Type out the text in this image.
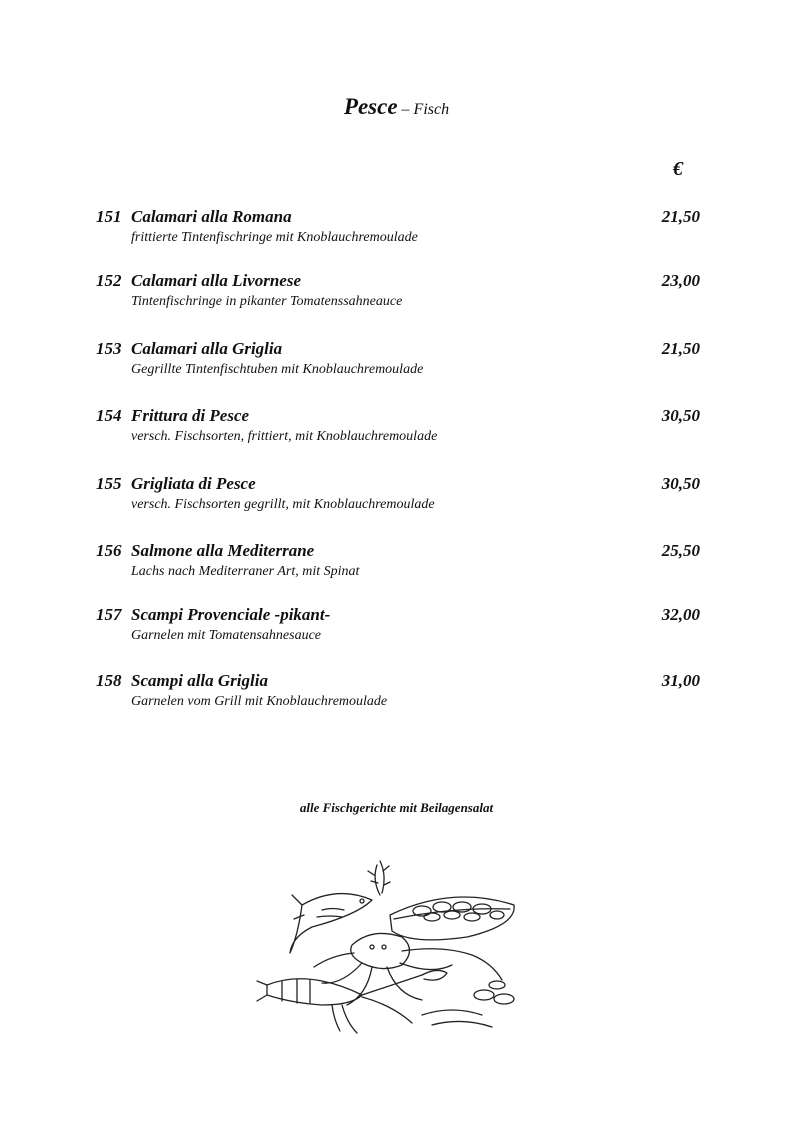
Pesce – Fisch
€
151 Calamari alla Romana	21,50
frittierte Tintenfischringe mit Knoblauchremoulade
152 Calamari alla Livornese	23,00
Tintenfischringe in pikanter Tomatenssahneauce
153 Calamari alla Griglia	21,50
Gegrillte Tintenfischtuben mit Knoblauchremoulade
154 Frittura di Pesce	30,50
versch. Fischsorten, frittiert, mit Knoblauchremoulade
155 Grigliata di Pesce	30,50
versch. Fischsorten gegrillt, mit Knoblauchremoulade
156 Salmone alla Mediterrane	25,50
Lachs nach Mediterraner Art, mit Spinat
157 Scampi Provenciale -pikant-	32,00
Garnelen mit Tomatensahnesauce
158 Scampi alla Griglia	31,00
Garnelen vom Grill mit Knoblauchremoulade
alle Fischgerichte mit Beilagensalat
